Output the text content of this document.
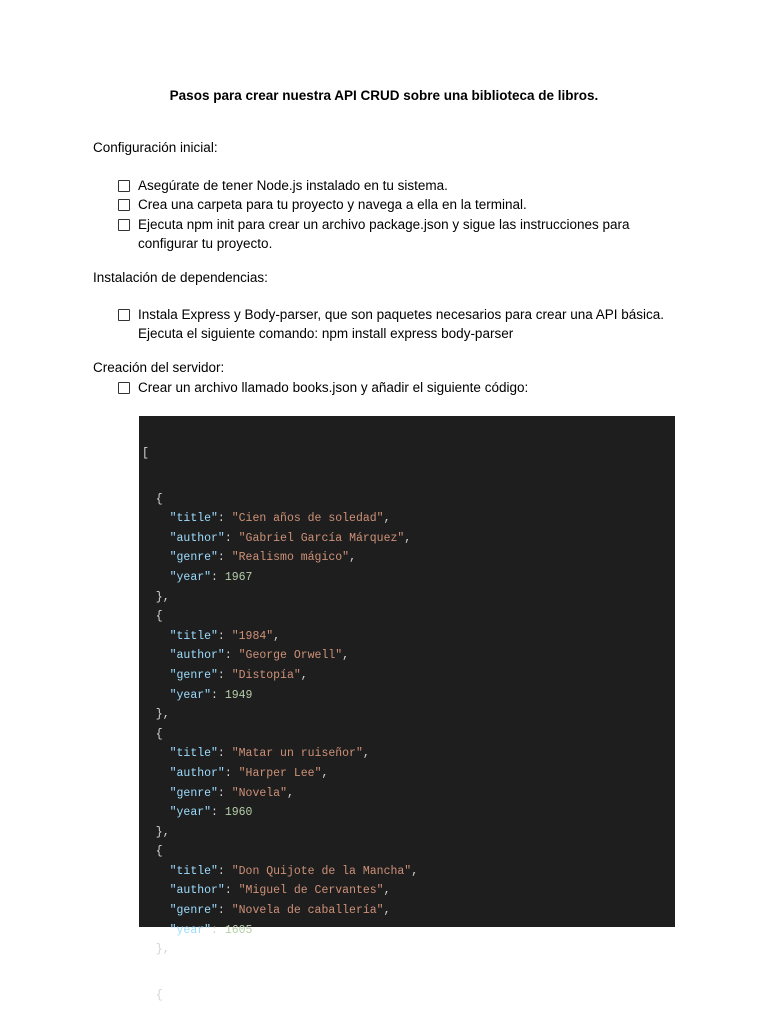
Pasos para crear nuestra API CRUD sobre una biblioteca de libros.
Configuración inicial:
Asegúrate de tener Node.js instalado en tu sistema.
Crea una carpeta para tu proyecto y navega a ella en la terminal.
Ejecuta npm init para crear un archivo package.json y sigue las instrucciones para configurar tu proyecto.
Instalación de dependencias:
Instala Express y Body-parser, que son paquetes necesarios para crear una API básica. Ejecuta el siguiente comando: npm install express body-parser
Creación del servidor:
Crear un archivo llamado books.json y añadir el siguiente código:

[

{
"title": "Cien años de soledad",
"author": "Gabriel García Márquez",
"genre": "Realismo mágico",
"year": 1967
},
{
"title": "1984",
"author": "George Orwell",
"genre": "Distopía",
"year": 1949
},
{
"title": "Matar un ruiseñor",
"author": "Harper Lee",
"genre": "Novela",
"year": 1960
},
{
"title": "Don Quijote de la Mancha",
"author": "Miguel de Cervantes",
"genre": "Novela de caballería",
"year": 1605
},

{
